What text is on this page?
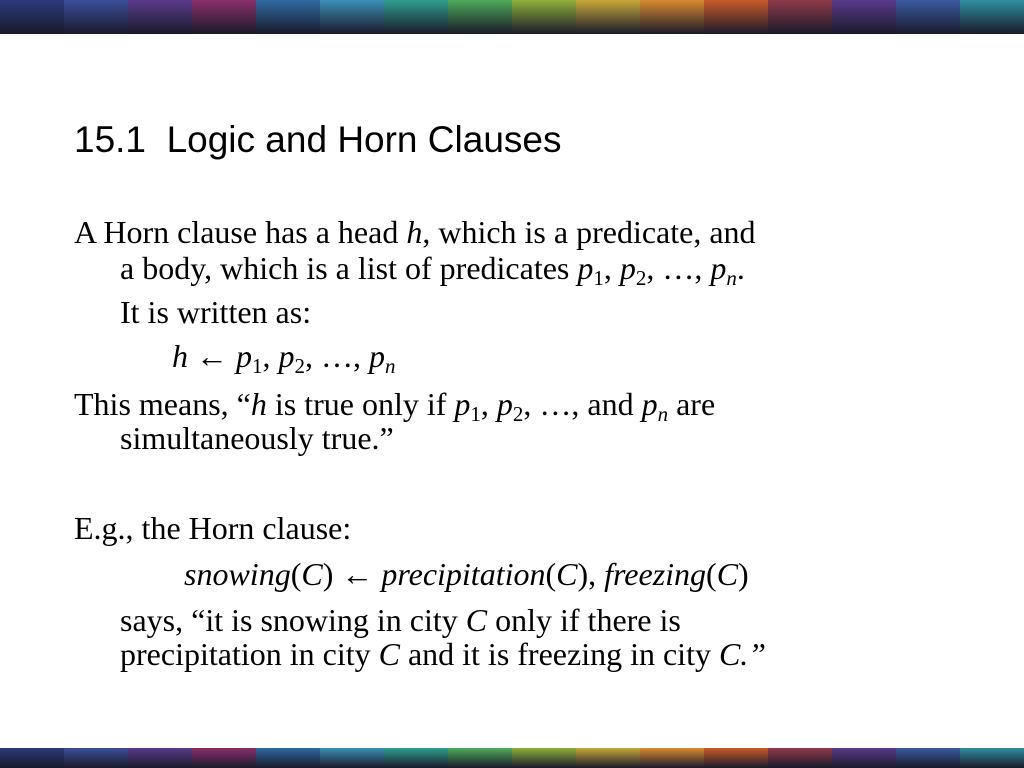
15.1  Logic and Horn Clauses
A Horn clause has a head h, which is a predicate, and
a body, which is a list of predicates $p_1$, $p_2$, …, $p_n$.
It is written as:
h ← $p_1$, $p_2$, …, $p_n$
This means, “h is true only if $p_1$, $p_2$, …, and $p_n$ are
simultaneously true.”
E.g., the Horn clause:
snowing(C) ← precipitation(C), freezing(C)
says, “it is snowing in city C only if there is
precipitation in city C and it is freezing in city C.”
